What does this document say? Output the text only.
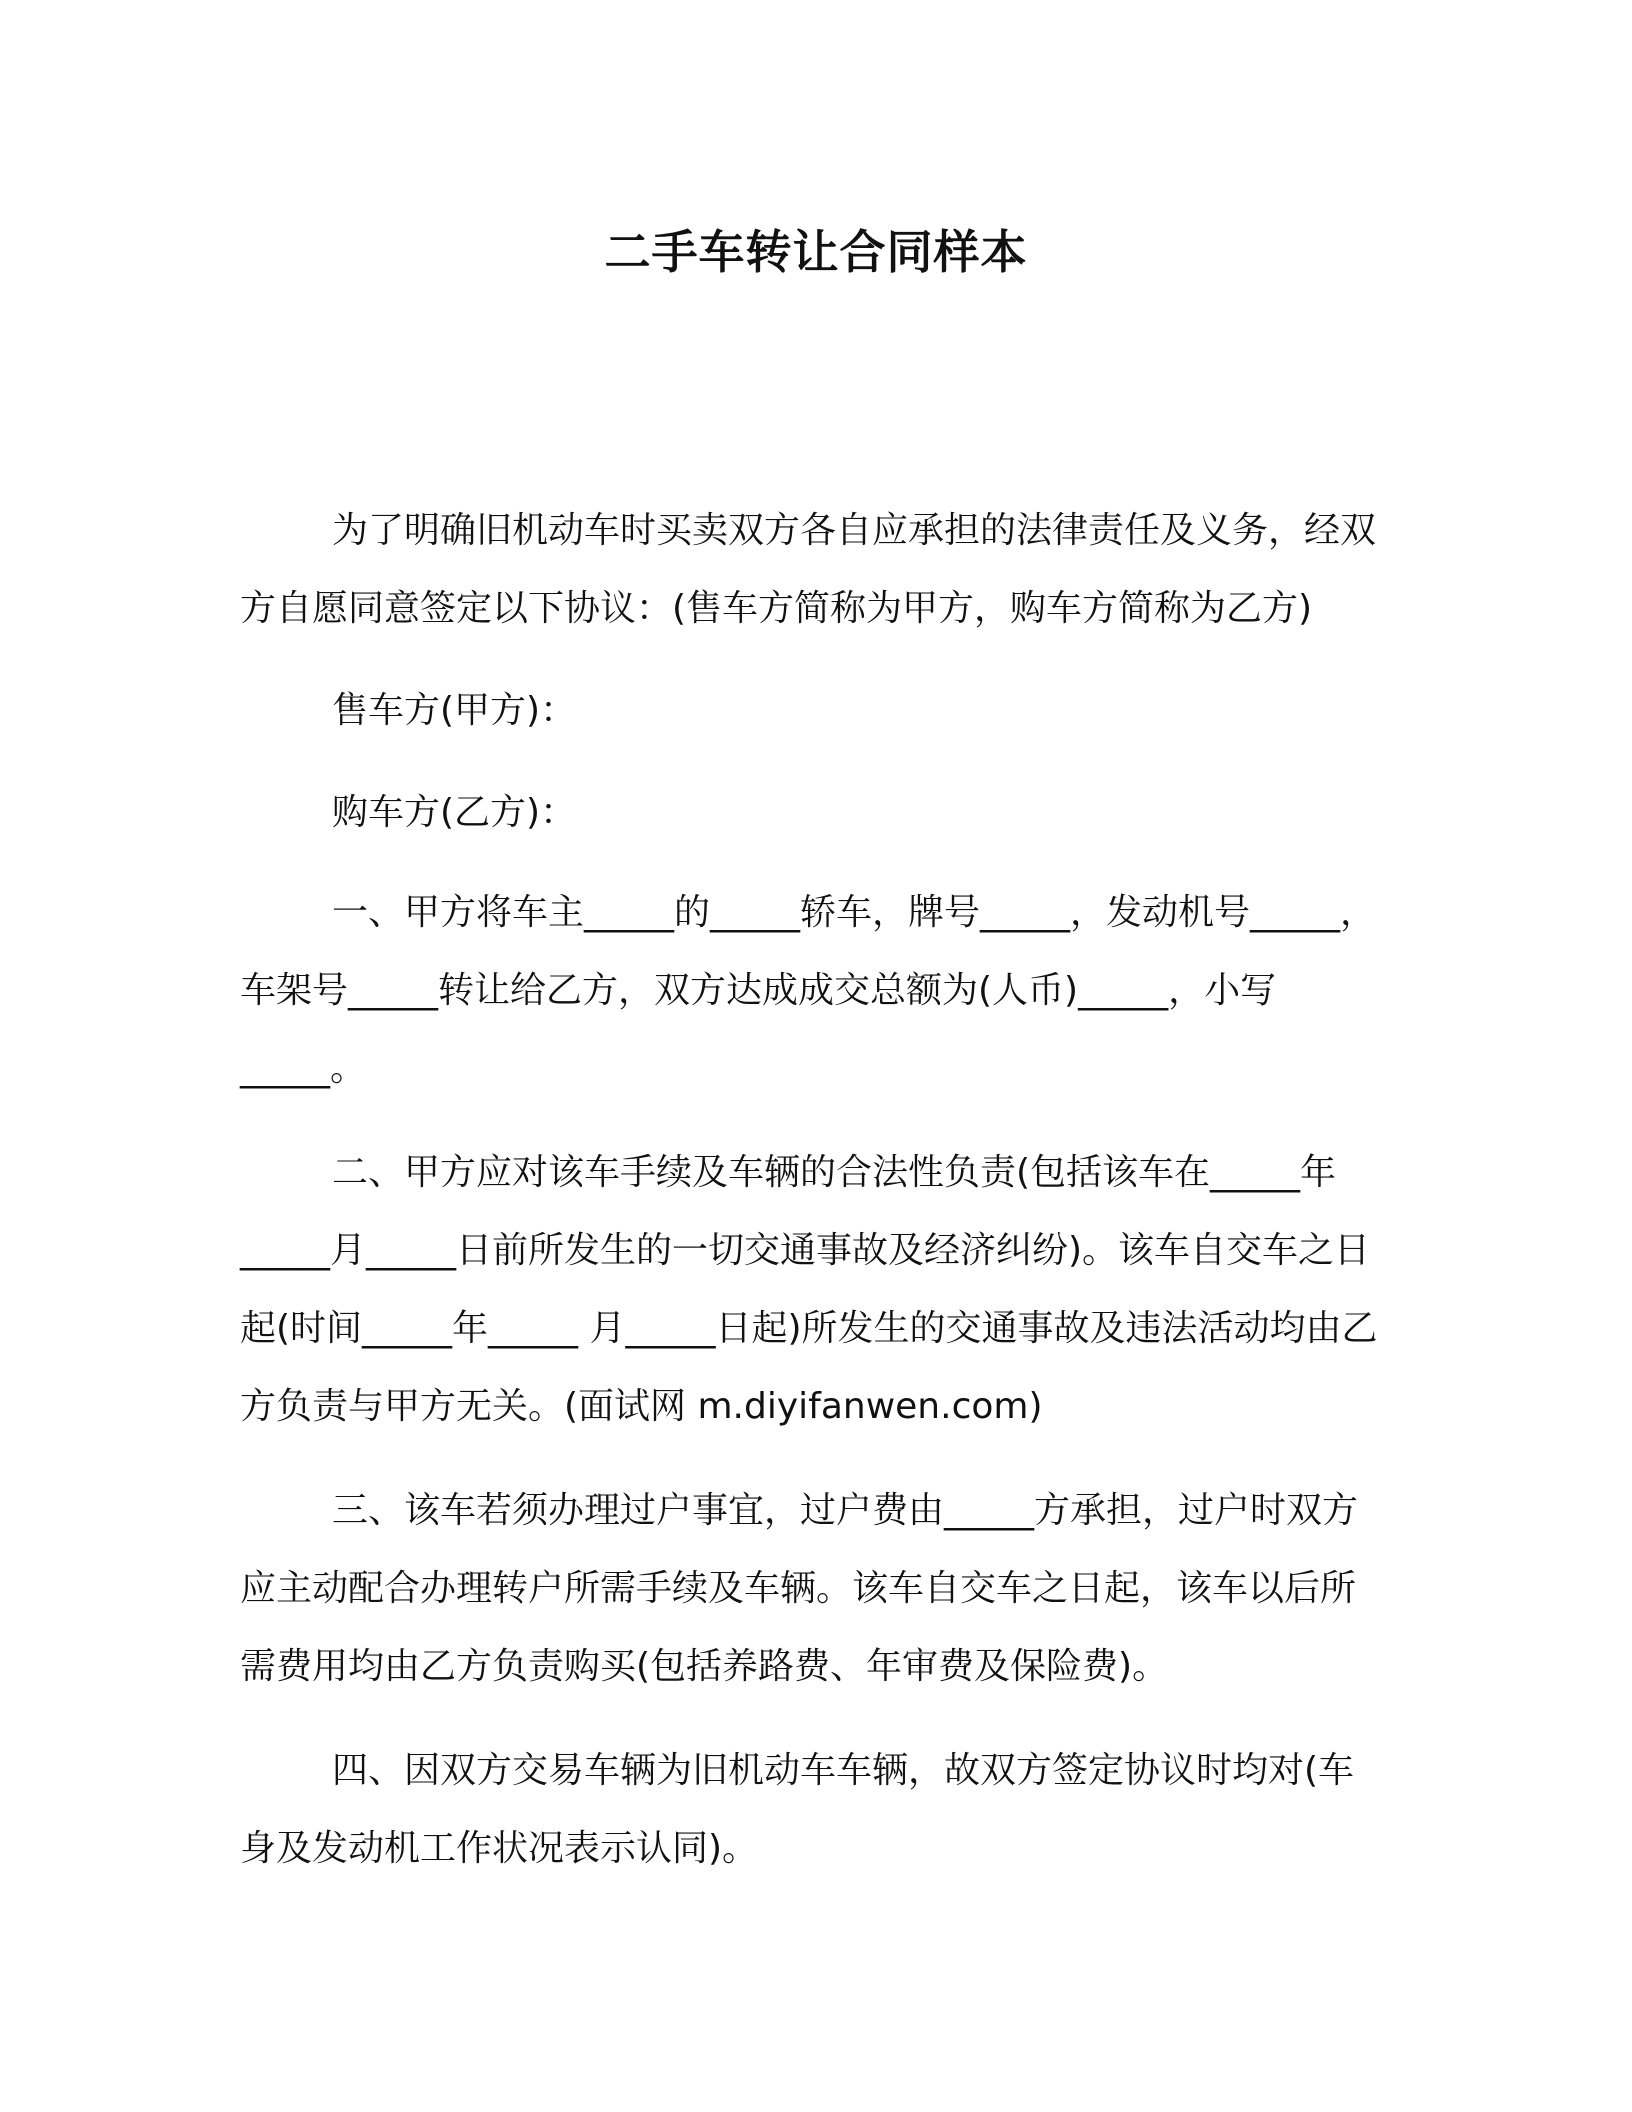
二手车转让合同样本

为了明确旧机动车时买卖双方各自应承担的法律责任及义务，经双方自愿同意签定以下协议：(售车方简称为甲方，购车方简称为乙方)

售车方(甲方)：

购车方(乙方)：

一、甲方将车主_____的_____轿车，牌号_____，发动机号_____，车架号_____转让给乙方，双方达成成交总额为(人币)_____，小写_____。

二、甲方应对该车手续及车辆的合法性负责(包括该车在_____年_____月_____日前所发生的一切交通事故及经济纠纷)。该车自交车之日起(时间_____年_____ 月_____日起)所发生的交通事故及违法活动均由乙方负责与甲方无关。(面试网 m.diyifanwen.com)

三、该车若须办理过户事宜，过户费由_____方承担，过户时双方应主动配合办理转户所需手续及车辆。该车自交车之日起，该车以后所需费用均由乙方负责购买(包括养路费、年审费及保险费)。

四、因双方交易车辆为旧机动车车辆，故双方签定协议时均对(车身及发动机工作状况表示认同)。
